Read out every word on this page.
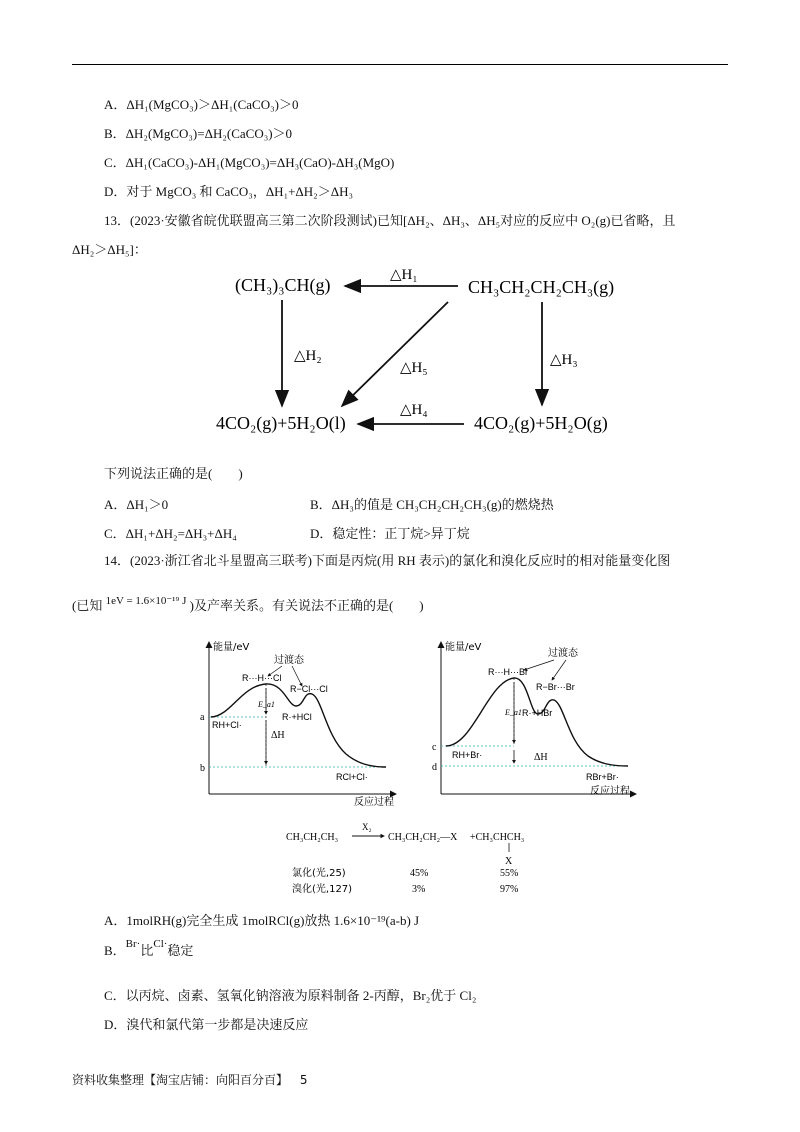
A．ΔH₁(MgCO₃)＞ΔH₁(CaCO₃)＞0
B．ΔH₂(MgCO₃)=ΔH₂(CaCO₃)＞0
C．ΔH₁(CaCO₃)-ΔH₁(MgCO₃)=ΔH₃(CaO)-ΔH₃(MgO)
D．对于 MgCO₃ 和 CaCO₃，ΔH₁+ΔH₂＞ΔH₃
13．(2023·安徽省皖优联盟高三第二次阶段测试)已知[ΔH₂、ΔH₃、ΔH₅对应的反应中 O₂(g)已省略，且
ΔH₂＞ΔH₅]：
(CH₃)₃CH(g)	CH₃CH₂CH₂CH₃(g)
4CO₂(g)+5H₂O(l)	4CO₂(g)+5H₂O(g)
△H₁
△H₂	△H₃
△H₄
△H₅
下列说法正确的是(　　)
A．ΔH₁＞0	B．ΔH₃的值是 CH₃CH₂CH₂CH₃(g)的燃烧热
C．ΔH₁+ΔH₂=ΔH₃+ΔH₄	D．稳定性：正丁烷>异丁烷
14．(2023·浙江省北斗星盟高三联考)下面是丙烷(用 RH 表示)的氯化和溴化反应时的相对能量变化图
(已知 $^{1eV = 1.6\times 10^{-19} J}$ )及产率关系。有关说法不正确的是(　　)
能量/eV
反应过程
a
b
ΔH
E_a1
过渡态
R···H···Cl
R−Cl···Cl
R·+HCl
RH+Cl·
RCl+Cl·
能量/eV
反应过程
c
d
ΔH
E_a1
过渡态
R···H···Br
R−Br···Br
R·+HBr
RH+Br·
RBr+Br·
CH₃CH₂CH₃
X₂
CH₃CH₂CH₂—X +CH₃CHCH₃
X
氯化(光,25)	45%	55%
溴化(光,127)	3%	97%
A．1molRH(g)完全生成 1molRCl(g)放热 1.6×10⁻¹⁹(a-b) J
B．$^{Br\cdot}$比$^{Cl\cdot}$稳定
C．以丙烷、卤素、氢氧化钠溶液为原料制备 2-丙醇，Br₂优于 Cl₂
D．溴代和氯代第一步都是决速反应
资料收集整理【淘宝店铺：向阳百分百】 5
